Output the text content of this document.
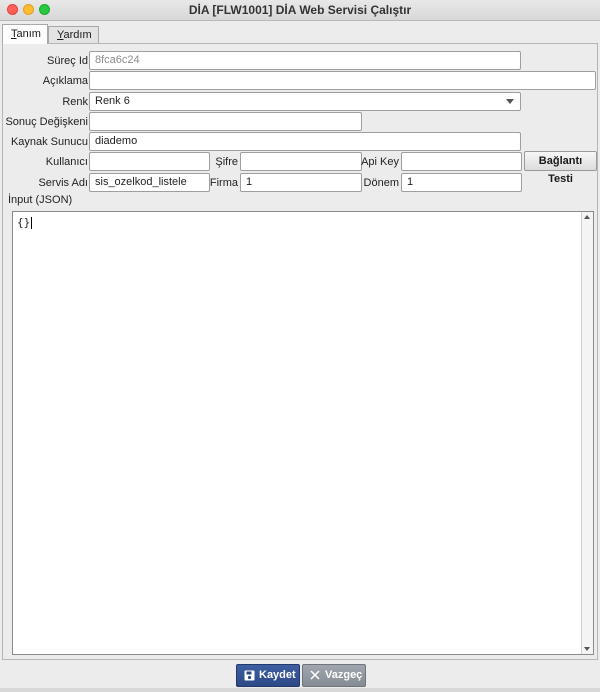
DİA [FLW1001] DİA Web Servisi Çalıştır
Tanım	Yardım
Süreç Id 8fca6c24
Açıklama
Renk Renk 6
Sonuç Değişkeni
Kaynak Sunucu diademo
Kullanıcı	Şifre	Api Key	Bağlantı Testi
Servis Adı sis_ozelkod_listele	Firma 1	Dönem 1
İnput (JSON)
{}
Kaydet	Vazgeç
